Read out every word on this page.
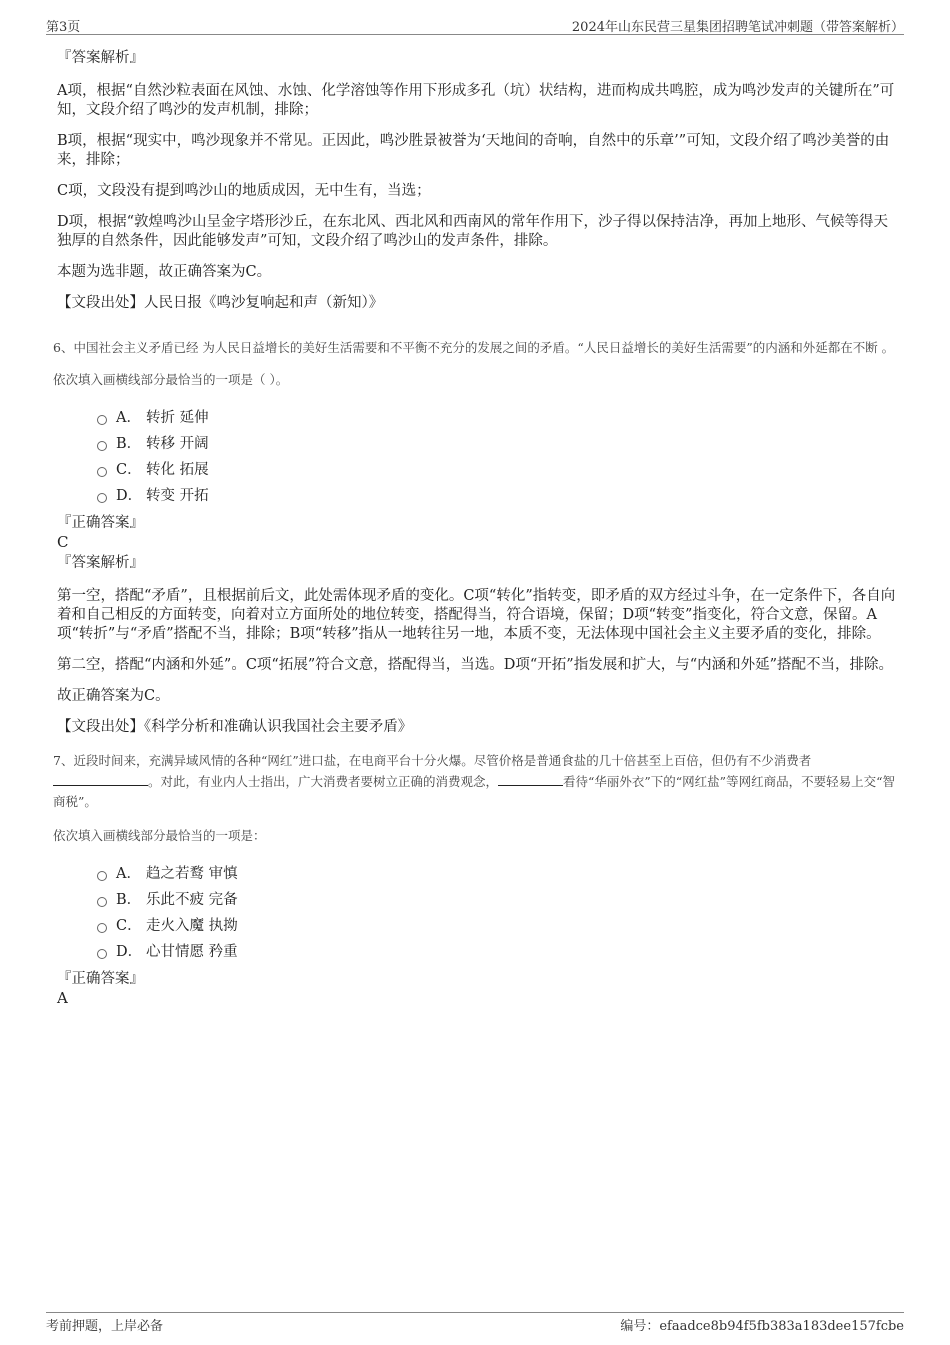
第3页	2024年山东民营三星集团招聘笔试冲刺题（带答案解析）
『答案解析』

A项，根据“自然沙粒表面在风蚀、水蚀、化学溶蚀等作用下形成多孔（坑）状结构，进而构成共鸣腔，成为鸣沙发声的关键所在”可知，文段介绍了鸣沙的发声机制，排除；

B项，根据“现实中，鸣沙现象并不常见。正因此，鸣沙胜景被誉为‘天地间的奇响，自然中的乐章’”可知，文段介绍了鸣沙美誉的由来，排除；

C项，文段没有提到鸣沙山的地质成因，无中生有，当选；

D项，根据“敦煌鸣沙山呈金字塔形沙丘，在东北风、西北风和西南风的常年作用下，沙子得以保持洁净，再加上地形、气候等得天独厚的自然条件，因此能够发声”可知，文段介绍了鸣沙山的发声条件，排除。

本题为选非题，故正确答案为C。

【文段出处】人民日报《鸣沙复响起和声（新知）》

6、中国社会主义矛盾已经 为人民日益增长的美好生活需要和不平衡不充分的发展之间的矛盾。“人民日益增长的美好生活需要”的内涵和外延都在不断 。

依次填入画横线部分最恰当的一项是（ ）。

A． 转折 延伸
B． 转移 开阔
C． 转化 拓展
D． 转变 开拓
『正确答案』
C
『答案解析』

第一空，搭配“矛盾”，且根据前后文，此处需体现矛盾的变化。C项“转化”指转变，即矛盾的双方经过斗争，在一定条件下，各自向着和自己相反的方面转变，向着对立方面所处的地位转变，搭配得当，符合语境，保留；D项“转变”指变化，符合文意，保留。A项“转折”与“矛盾”搭配不当，排除；B项“转移”指从一地转往另一地，本质不变，无法体现中国社会主义主要矛盾的变化，排除。

第二空，搭配“内涵和外延”。C项“拓展”符合文意，搭配得当，当选。D项“开拓”指发展和扩大，与“内涵和外延”搭配不当，排除。

故正确答案为C。

【文段出处】《科学分析和准确认识我国社会主要矛盾》

7、近段时间来，充满异域风情的各种“网红”进口盐，在电商平台十分火爆。尽管价格是普通食盐的几十倍甚至上百倍，但仍有不少消费者。对此，有业内人士指出，广大消费者要树立正确的消费观念，	看待“华丽外衣”下的“网红盐”等网红商品，不要轻易上交“智商税”。

依次填入画横线部分最恰当的一项是：

A． 趋之若鹜 审慎
B． 乐此不疲 完备
C． 走火入魔 执拗
D． 心甘情愿 矜重
『正确答案』
A
考前押题，上岸必备	编号：efaadce8b94f5fb383a183dee157fcbe
